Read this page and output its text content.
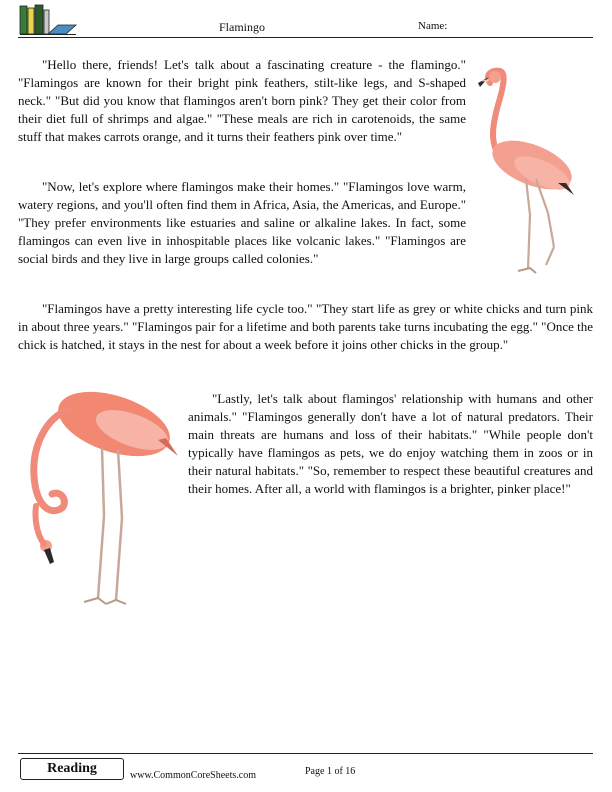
Flamingo	Name:

"Hello there, friends! Let's talk about a fascinating creature - the flamingo." "Flamingos are known for their bright pink feathers, stilt-like legs, and S-shaped neck." "But did you know that flamingos aren't born pink? They get their color from their diet full of shrimps and algae." "These meals are rich in carotenoids, the same stuff that makes carrots orange, and it turns their feathers pink over time."

"Now, let's explore where flamingos make their homes." "Flamingos love warm, watery regions, and you'll often find them in Africa, Asia, the Americas, and Europe." "They prefer environments like estuaries and saline or alkaline lakes. In fact, some flamingos can even live in inhospitable places like volcanic lakes." "Flamingos are social birds and they live in large groups called colonies."

"Flamingos have a pretty interesting life cycle too." "They start life as grey or white chicks and turn pink in about three years." "Flamingos pair for a lifetime and both parents take turns incubating the egg." "Once the chick is hatched, it stays in the nest for about a week before it joins other chicks in the group."

"Lastly, let's talk about flamingos' relationship with humans and other animals." "Flamingos generally don't have a lot of natural predators. Their main threats are humans and loss of their habitats." "While people don't typically have flamingos as pets, we do enjoy watching them in zoos or in their natural habitats." "So, remember to respect these beautiful creatures and their homes. After all, a world with flamingos is a brighter, pinker place!"

Reading	www.CommonCoreSheets.com	Page 1 of 16
